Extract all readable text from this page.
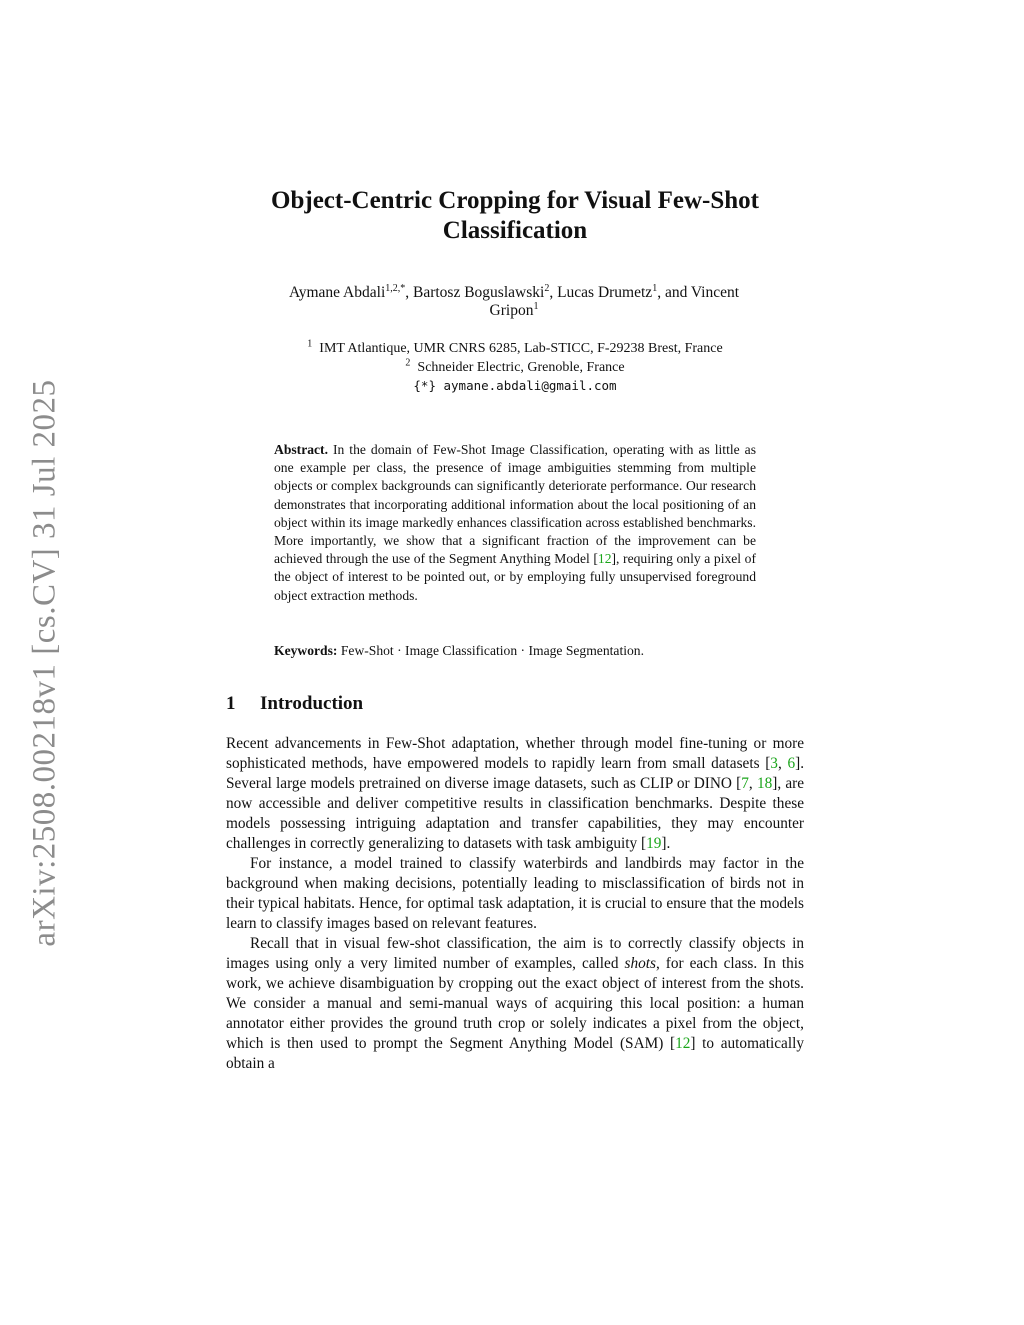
arXiv:2508.00218v1 [cs.CV] 31 Jul 2025
Object-Centric Cropping for Visual Few-Shot
Classification
Aymane Abdali$^{1,2,*}$, Bartosz Boguslawski$^2$, Lucas Drumetz$^1$, and Vincent
Gripon$^1$
$^1$ IMT Atlantique, UMR CNRS 6285, Lab-STICC, F-29238 Brest, France
$^2$ Schneider Electric, Grenoble, France
{*} aymane.abdali@gmail.com
Abstract. In the domain of Few-Shot Image Classification, operating with as little as one example per class, the presence of image ambiguities stemming from multiple objects or complex backgrounds can significantly deteriorate performance. Our research demonstrates that incorporating additional information about the local positioning of an object within its image markedly enhances classification across established benchmarks. More importantly, we show that a significant fraction of the improvement can be achieved through the use of the Segment Anything Model [12], requiring only a pixel of the object of interest to be pointed out, or by employing fully unsupervised foreground object extraction methods.
Keywords: Few-Shot · Image Classification · Image Segmentation.
1 Introduction

Recent advancements in Few-Shot adaptation, whether through model fine-tuning or more sophisticated methods, have empowered models to rapidly learn from small datasets [3, 6]. Several large models pretrained on diverse image datasets, such as CLIP or DINO [7, 18], are now accessible and deliver competitive results in classification benchmarks. Despite these models possessing intriguing adaptation and transfer capabilities, they may encounter challenges in correctly generalizing to datasets with task ambiguity [19].

For instance, a model trained to classify waterbirds and landbirds may factor in the background when making decisions, potentially leading to misclassification of birds not in their typical habitats. Hence, for optimal task adaptation, it is crucial to ensure that the models learn to classify images based on relevant features.

Recall that in visual few-shot classification, the aim is to correctly classify objects in images using only a very limited number of examples, called shots, for each class. In this work, we achieve disambiguation by cropping out the exact object of interest from the shots. We consider a manual and semi-manual ways of acquiring this local position: a human annotator either provides the ground truth crop or solely indicates a pixel from the object, which is then used to prompt the Segment Anything Model (SAM) [12] to automatically obtain a
